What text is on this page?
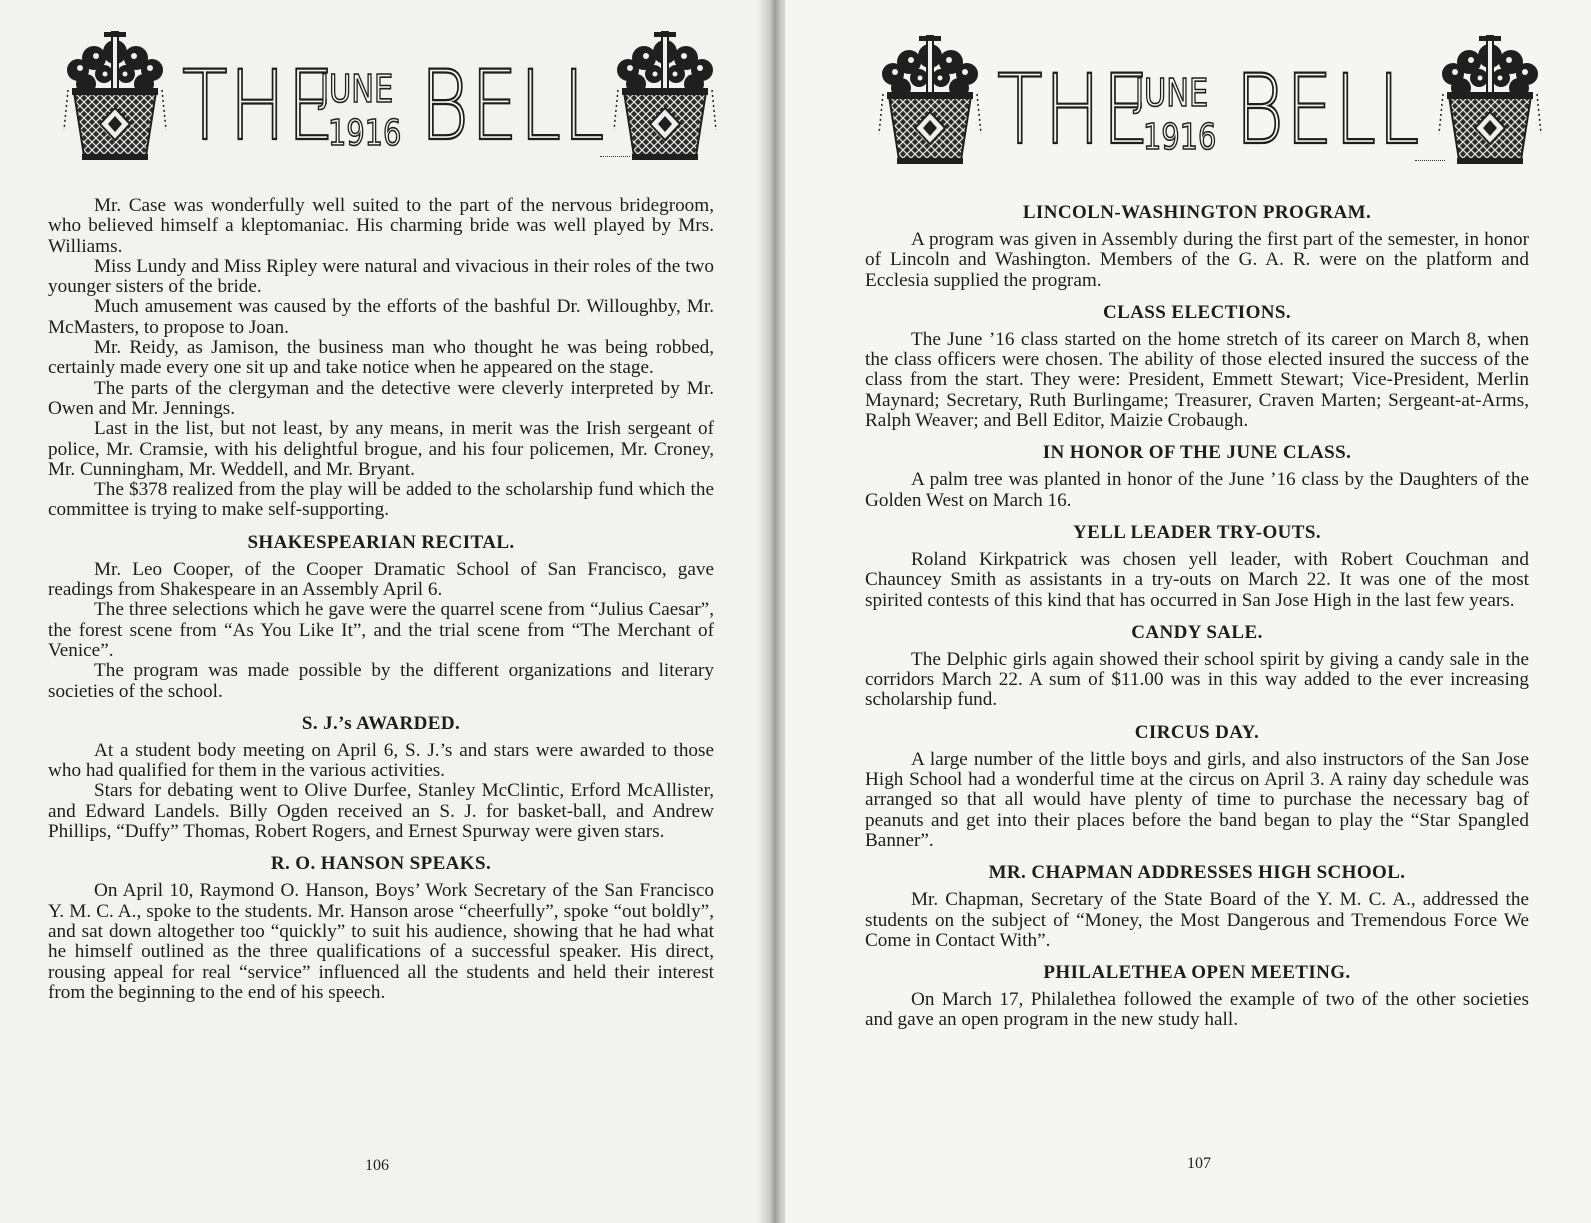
THE
JUNE
1916 BELL

Mr. Case was wonderfully well suited to the part of the nervous bridegroom, who believed himself a kleptomaniac. His charming bride was well played by Mrs. Williams.

Miss Lundy and Miss Ripley were natural and vivacious in their roles of the two younger sisters of the bride.

Much amusement was caused by the efforts of the bashful Dr. Willoughby, Mr. McMasters, to propose to Joan.

Mr. Reidy, as Jamison, the business man who thought he was being robbed, certainly made every one sit up and take notice when he appeared on the stage.

The parts of the clergyman and the detective were cleverly interpreted by Mr. Owen and Mr. Jennings.

Last in the list, but not least, by any means, in merit was the Irish sergeant of police, Mr. Cramsie, with his delightful brogue, and his four policemen, Mr. Croney, Mr. Cunningham, Mr. Weddell, and Mr. Bryant.

The $378 realized from the play will be added to the scholarship fund which the committee is trying to make self-supporting.

SHAKESPEARIAN RECITAL.

Mr. Leo Cooper, of the Cooper Dramatic School of San Francisco, gave readings from Shakespeare in an Assembly April 6.

The three selections which he gave were the quarrel scene from “Julius Caesar”, the forest scene from “As You Like It”, and the trial scene from “The Merchant of Venice”.

The program was made possible by the different organizations and literary societies of the school.

S. J.’s AWARDED.

At a student body meeting on April 6, S. J.’s and stars were awarded to those who had qualified for them in the various activities.

Stars for debating went to Olive Durfee, Stanley McClintic, Erford McAllister, and Edward Landels. Billy Ogden received an S. J. for basket-ball, and Andrew Phillips, “Duffy” Thomas, Robert Rogers, and Ernest Spurway were given stars.

R. O. HANSON SPEAKS.

On April 10, Raymond O. Hanson, Boys’ Work Secretary of the San Francisco Y. M. C. A., spoke to the students. Mr. Hanson arose “cheerfully”, spoke “out boldly”, and sat down altogether too “quickly” to suit his audience, showing that he had what he himself outlined as the three qualifications of a successful speaker. His direct, rousing appeal for real “service” influenced all the students and held their interest from the beginning to the end of his speech.

106
THE
JUNE
1916 BELL
LINCOLN-WASHINGTON PROGRAM.

A program was given in Assembly during the first part of the semester, in honor of Lincoln and Washington. Members of the G. A. R. were on the platform and Ecclesia supplied the program.

CLASS ELECTIONS.

The June ’16 class started on the home stretch of its career on March 8, when the class officers were chosen. The ability of those elected insured the success of the class from the start. They were: President, Emmett Stewart; Vice-President, Merlin Maynard; Secretary, Ruth Burlingame; Treasurer, Craven Marten; Sergeant-at-Arms, Ralph Weaver; and Bell Editor, Maizie Crobaugh.

IN HONOR OF THE JUNE CLASS.

A palm tree was planted in honor of the June ’16 class by the Daughters of the Golden West on March 16.

YELL LEADER TRY-OUTS.

Roland Kirkpatrick was chosen yell leader, with Robert Couchman and Chauncey Smith as assistants in a try-outs on March 22. It was one of the most spirited contests of this kind that has occurred in San Jose High in the last few years.

CANDY SALE.

The Delphic girls again showed their school spirit by giving a candy sale in the corridors March 22. A sum of $11.00 was in this way added to the ever increasing scholarship fund.

CIRCUS DAY.

A large number of the little boys and girls, and also instructors of the San Jose High School had a wonderful time at the circus on April 3. A rainy day schedule was arranged so that all would have plenty of time to purchase the necessary bag of peanuts and get into their places before the band began to play the “Star Spangled Banner”.

MR. CHAPMAN ADDRESSES HIGH SCHOOL.

Mr. Chapman, Secretary of the State Board of the Y. M. C. A., addressed the students on the subject of “Money, the Most Dangerous and Tremendous Force We Come in Contact With”.

PHILALETHEA OPEN MEETING.

On March 17, Philalethea followed the example of two of the other societies and gave an open program in the new study hall.

107
